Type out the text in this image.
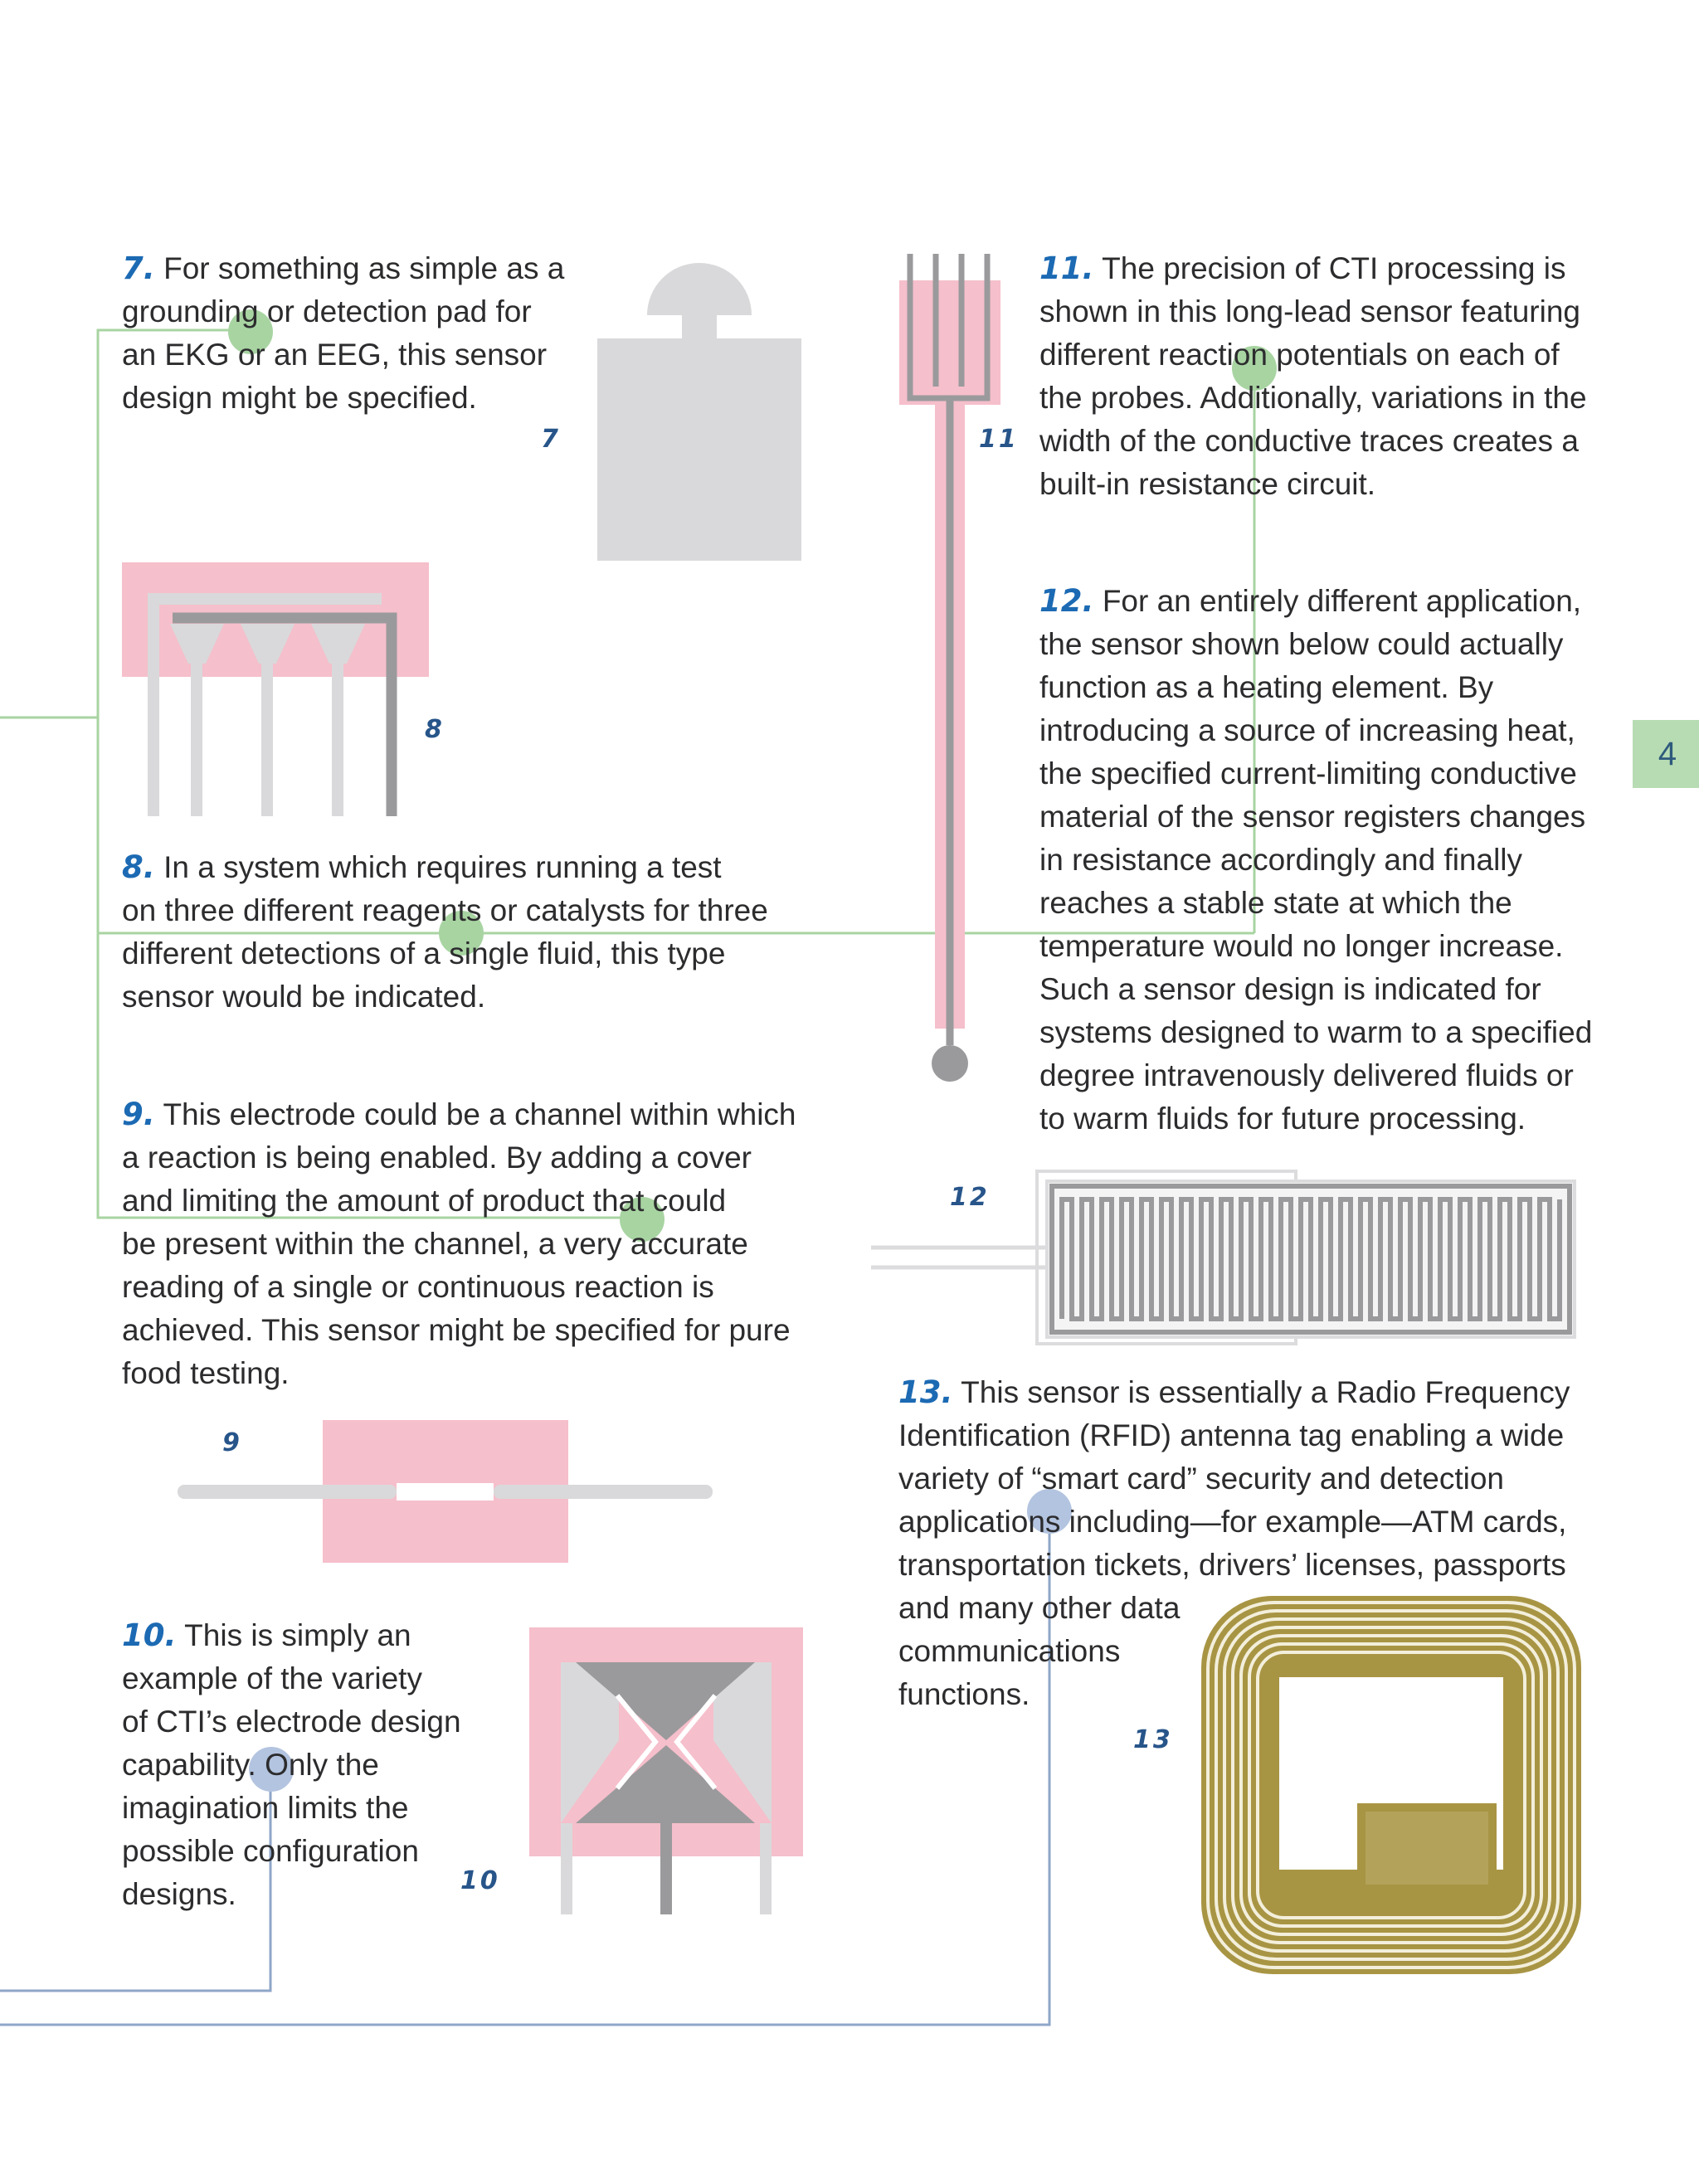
7
8
9
10
11
12
13
7. For something as simple as a
grounding or detection pad for
an EKG or an EEG, this sensor
design might be specified.
8. In a system which requires running a test
on three different reagents or catalysts for three
different detections of a single fluid, this type
sensor would be indicated.
9. This electrode could be a channel within which
a reaction is being enabled. By adding a cover
and limiting the amount of product that could
be present within the channel, a very accurate
reading of a single or continuous reaction is
achieved. This sensor might be specified for pure
food testing.
10. This is simply an
example of the variety
of CTI’s electrode design
capability. Only the
imagination limits the
possible configuration
designs.
11. The precision of CTI processing is
shown in this long-lead sensor featuring
different reaction potentials on each of
the probes. Additionally, variations in the
width of the conductive traces creates a
built-in resistance circuit.
12. For an entirely different application,
the sensor shown below could actually
function as a heating element. By
introducing a source of increasing heat,
the specified current-limiting conductive
material of the sensor registers changes
in resistance accordingly and finally
reaches a stable state at which the
temperature would no longer increase.
Such a sensor design is indicated for
systems designed to warm to a specified
degree intravenously delivered fluids or
to warm fluids for future processing.
13. This sensor is essentially a Radio Frequency
Identification (RFID) antenna tag enabling a wide
variety of “smart card” security and detection
applications including—for example—ATM cards,
transportation tickets, drivers’ licenses, passports
and many other data
communications
functions.
4
